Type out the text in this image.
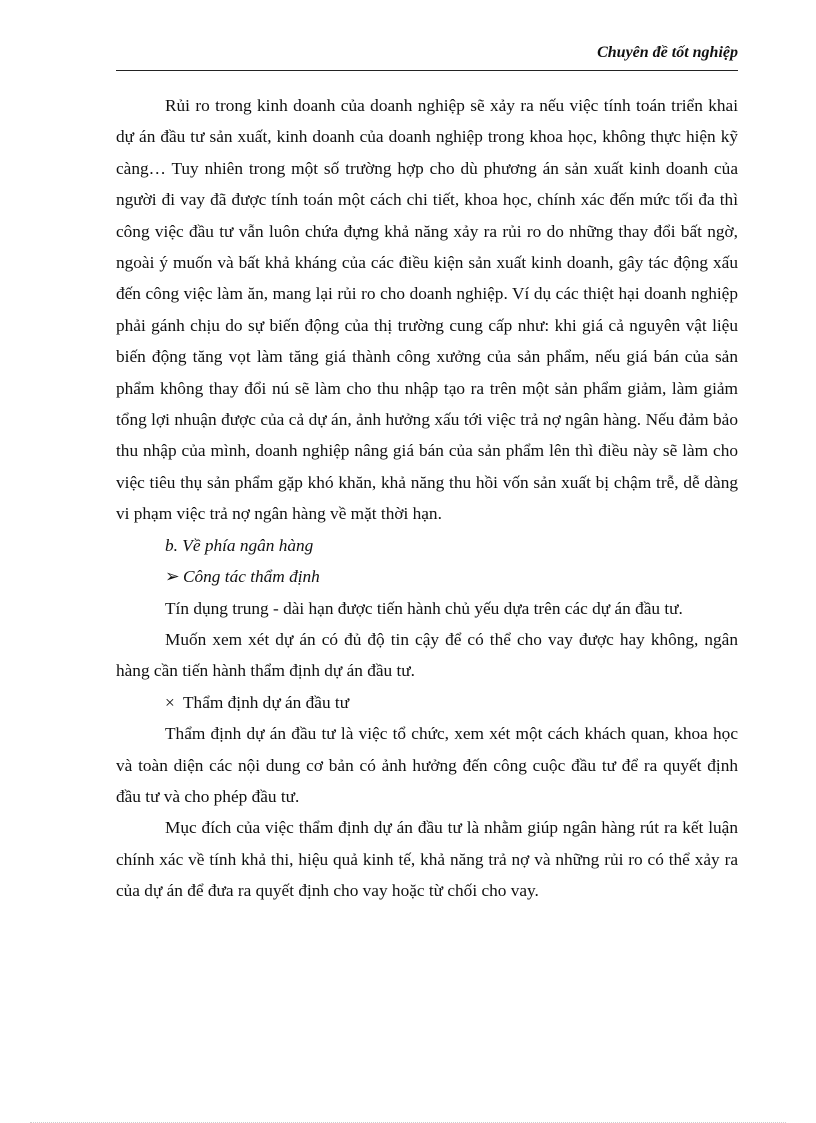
Chuyên đề tốt nghiệp

Rủi ro trong kinh doanh của doanh nghiệp sẽ xảy ra nếu việc tính toán triển khai dự án đầu tư sản xuất, kinh doanh của doanh nghiệp trong khoa học, không thực hiện kỹ càng… Tuy nhiên trong một số trường hợp cho dù phương án sản xuất kinh doanh của người đi vay đã được tính toán một cách chi tiết, khoa học, chính xác đến mức tối đa thì công việc đầu tư vẫn luôn chứa đựng khả năng xảy ra rủi ro do những thay đổi bất ngờ, ngoài ý muốn và bất khả kháng của các điều kiện sản xuất kinh doanh, gây tác động xấu đến công việc làm ăn, mang lại rủi ro cho doanh nghiệp. Ví dụ các thiệt hại doanh nghiệp phải gánh chịu do sự biến động của thị trường cung cấp như: khi giá cả nguyên vật liệu biến động tăng vọt làm tăng giá thành công xưởng của sản phẩm, nếu giá bán của sản phẩm không thay đổi nú sẽ làm cho thu nhập tạo ra trên một sản phẩm giảm, làm giảm tổng lợi nhuận được của cả dự án, ảnh hưởng xấu tới việc trả nợ ngân hàng. Nếu đảm bảo thu nhập của mình, doanh nghiệp nâng giá bán của sản phẩm lên thì điều này sẽ làm cho việc tiêu thụ sản phẩm gặp khó khăn, khả năng thu hồi vốn sản xuất bị chậm trễ, dễ dàng vi phạm việc trả nợ ngân hàng về mặt thời hạn.

b. Về phía ngân hàng

➢ Công tác thẩm định

Tín dụng trung - dài hạn được tiến hành chủ yếu dựa trên các dự án đầu tư.

Muốn xem xét dự án có đủ độ tin cậy để có thể cho vay được hay không, ngân hàng cần tiến hành thẩm định dự án đầu tư.

× Thẩm định dự án đầu tư

Thẩm định dự án đầu tư là việc tổ chức, xem xét một cách khách quan, khoa học và toàn diện các nội dung cơ bản có ảnh hưởng đến công cuộc đầu tư để ra quyết định đầu tư và cho phép đầu tư.

Mục đích của việc thẩm định dự án đầu tư là nhằm giúp ngân hàng rút ra kết luận chính xác về tính khả thi, hiệu quả kinh tế, khả năng trả nợ và những rủi ro có thể xảy ra của dự án để đưa ra quyết định cho vay hoặc từ chối cho vay.
